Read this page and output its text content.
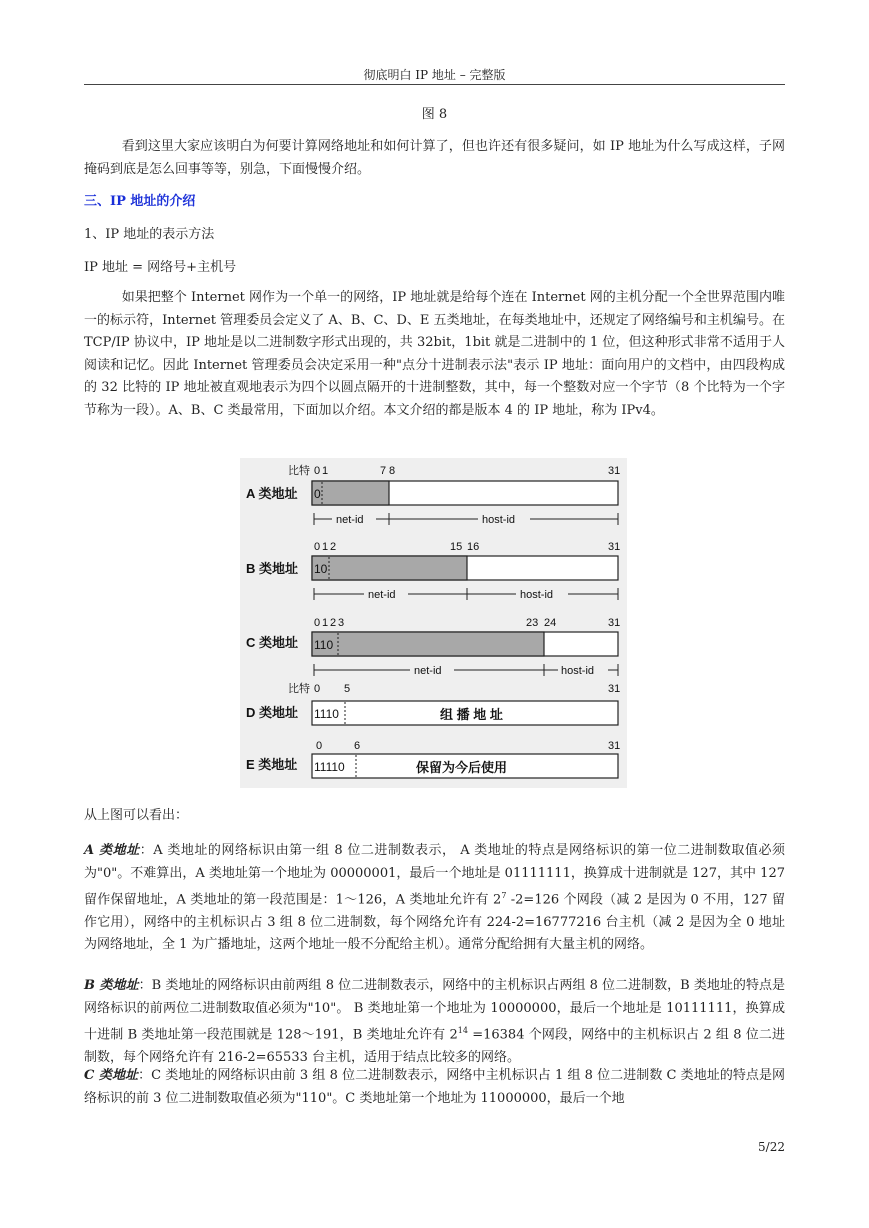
彻底明白 IP 地址 – 完整版
图 8
看到这里大家应该明白为何要计算网络地址和如何计算了，但也许还有很多疑问，如 IP 地址为什么写成这样，子网掩码到底是怎么回事等等，别急，下面慢慢介绍。
三、IP 地址的介绍
1、IP 地址的表示方法
IP 地址 = 网络号+主机号
如果把整个 Internet 网作为一个单一的网络，IP 地址就是给每个连在 Internet 网的主机分配一个全世界范围内唯一的标示符，Internet 管理委员会定义了 A、B、C、D、E 五类地址，在每类地址中，还规定了网络编号和主机编号。在 TCP/IP 协议中，IP 地址是以二进制数字形式出现的，共 32bit，1bit 就是二进制中的 1 位，但这种形式非常不适用于人阅读和记忆。因此 Internet 管理委员会决定采用一种"点分十进制表示法"表示 IP 地址：面向用户的文档中，由四段构成的 32 比特的 IP 地址被直观地表示为四个以圆点隔开的十进制整数，其中，每一个整数对应一个字节（8 个比特为一个字节称为一段）。A、B、C 类最常用，下面加以介绍。本文介绍的都是版本 4 的 IP 地址，称为 IPv4。
比特 0 1	7 8	31
A 类地址 0
net-id	host-id
0 1 2	15 16	31
B 类地址 10
net-id	host-id
0 1 2 3	23 24	31
C 类地址 110
net-id	host-id
比特 0 5	31
D 类地址 1110	组 播 地 址
0	6	31
E 类地址 11110	保留为今后使用
从上图可以看出：
A 类地址：A 类地址的网络标识由第一组 8 位二进制数表示， A 类地址的特点是网络标识的第一位二进制数取值必须为"0"。不难算出，A 类地址第一个地址为 00000001，最后一个地址是 01111111，换算成十进制就是 127，其中 127 留作保留地址，A 类地址的第一段范围是：1～126，A 类地址允许有 $2^7$ -2=126 个网段（减 2 是因为 0 不用，127 留作它用），网络中的主机标识占 3 组 8 位二进制数，每个网络允许有 224-2=16777216 台主机（减 2 是因为全 0 地址为网络地址，全 1 为广播地址，这两个地址一般不分配给主机）。通常分配给拥有大量主机的网络。
B 类地址：B 类地址的网络标识由前两组 8 位二进制数表示，网络中的主机标识占两组 8 位二进制数，B 类地址的特点是网络标识的前两位二进制数取值必须为"10"。 B 类地址第一个地址为 10000000，最后一个地址是 10111111，换算成十进制 B 类地址第一段范围就是 128～191，B 类地址允许有 $2^{14} =16384$ 个网段，网络中的主机标识占 2 组 8 位二进制数，每个网络允许有 216-2=65533 台主机，适用于结点比较多的网络。
C 类地址：C 类地址的网络标识由前 3 组 8 位二进制数表示，网络中主机标识占 1 组 8 位二进制数 C 类地址的特点是网络标识的前 3 位二进制数取值必须为"110"。C 类地址第一个地址为 11000000，最后一个地
5/22
